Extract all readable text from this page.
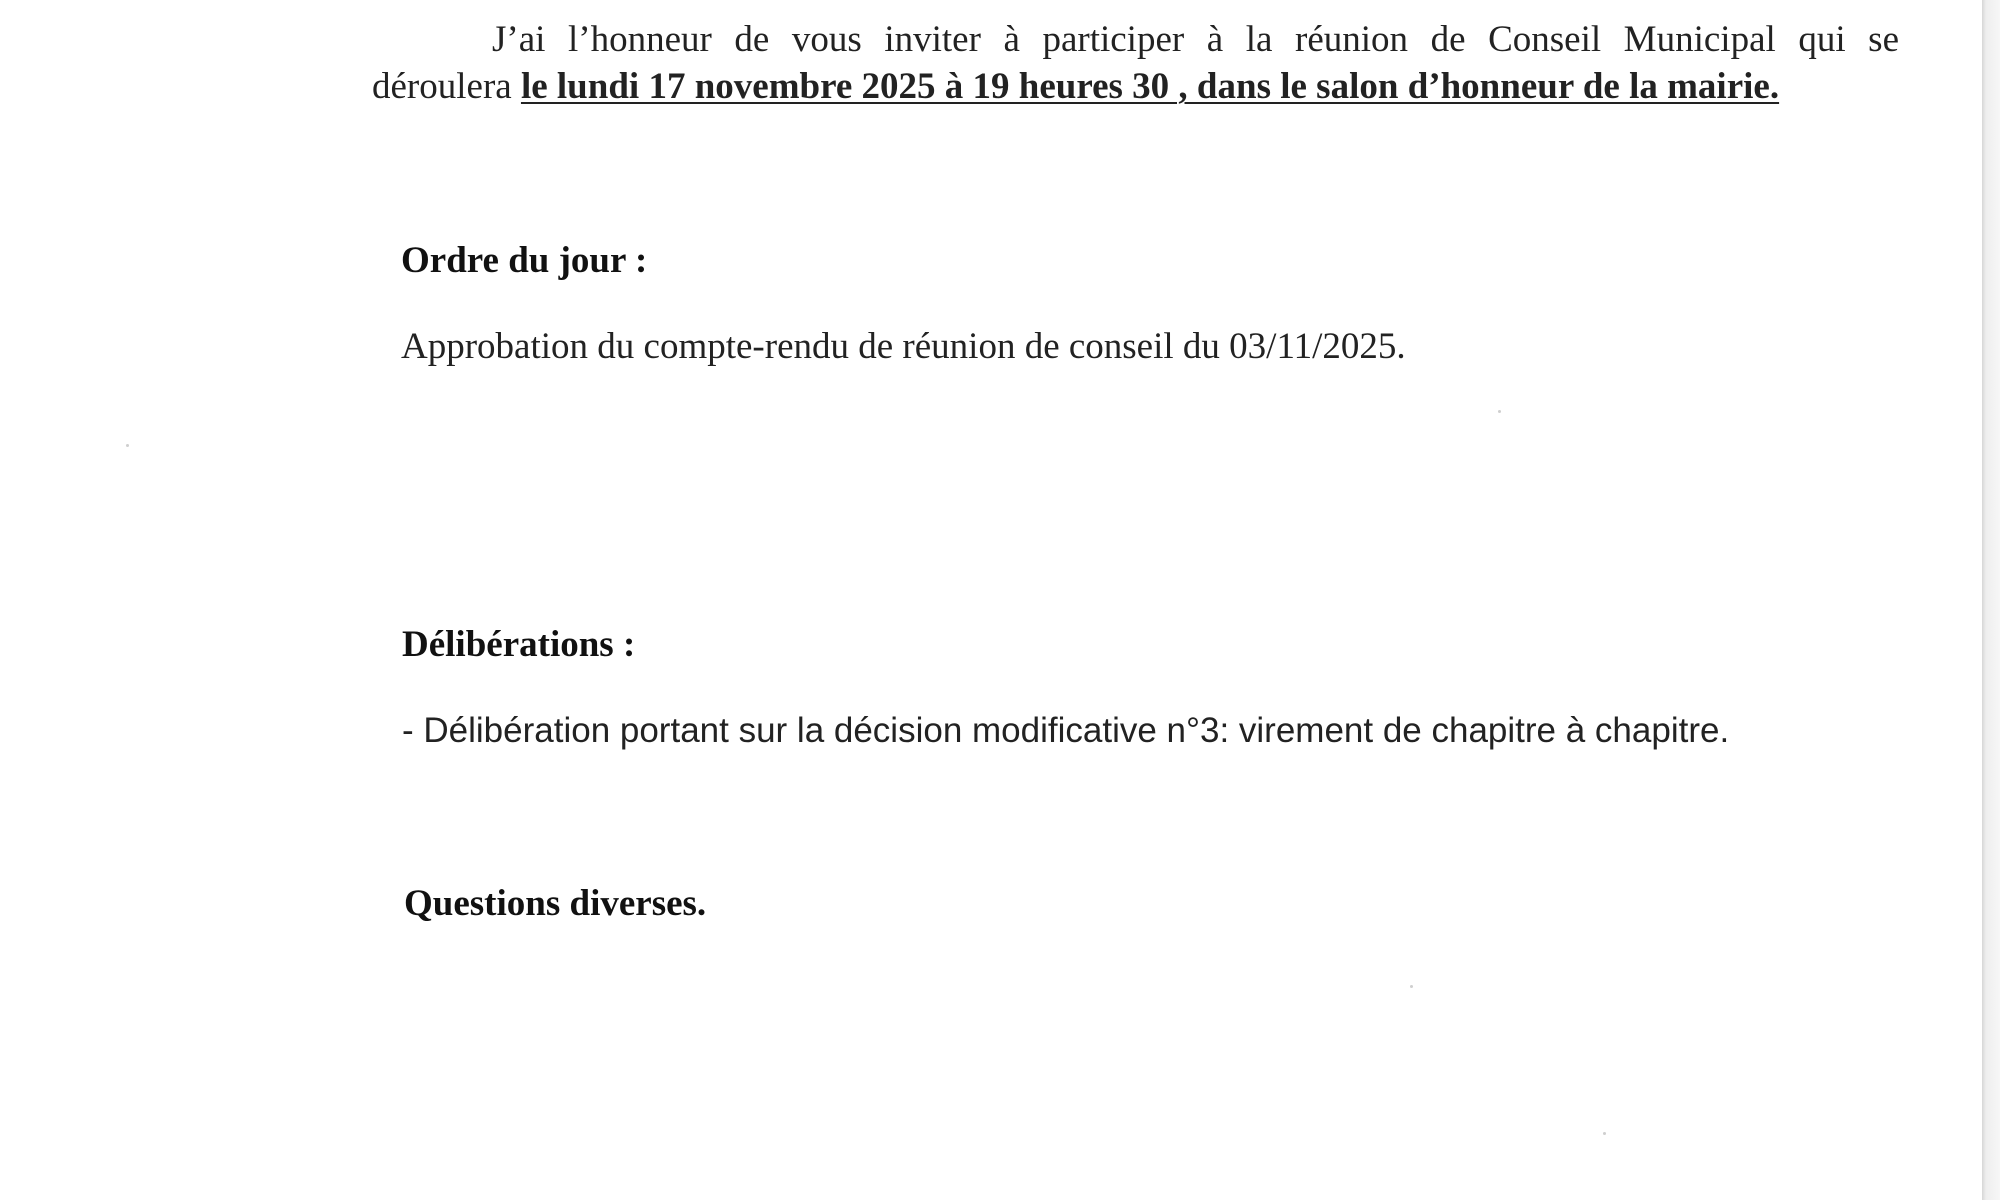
J’ai l’honneur de vous inviter à participer à la réunion de Conseil Municipal qui se
déroulera le lundi 17 novembre 2025 à 19 heures 30 , dans le salon d’honneur de la mairie.
Ordre du jour :
Approbation du compte-rendu de réunion de conseil du 03/11/2025.
Délibérations :
- Délibération portant sur la décision modificative n°3: virement de chapitre à chapitre.
Questions diverses.
